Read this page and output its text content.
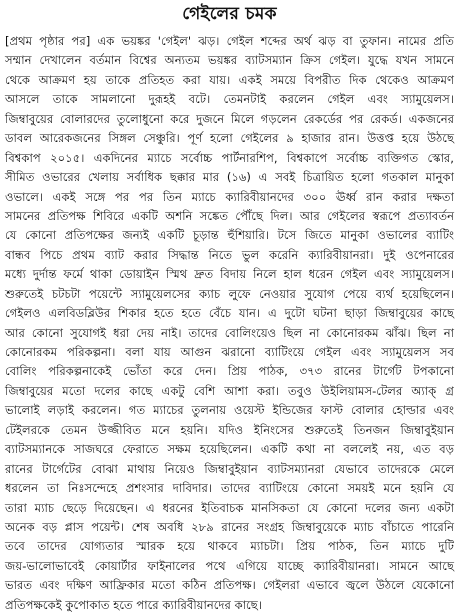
গেইলের চমক
[প্রথম পৃষ্ঠার পর] এক ভয়ঙ্কর 'গেইল' ঝড়। গেইল শব্দের অর্থ ঝড় বা তুফান। নামের প্রতি
সম্মান দেখালেন বর্তমান বিশ্বের অন্যতম ভয়ঙ্কর ব্যাটসম্যান ক্রিস গেইল। যুদ্ধে যখন সামনে
থেকে আক্রমণ হয় তাকে প্রতিহত করা যায়। একই সময়ে বিপরীত দিক থেকেও আক্রমণ
আসলে তাকে সামলানো দুরূহই বটে। তেমনটাই করলেন গেইল এবং স্যামুয়েলস।
জিম্বাবুয়ের বোলারদের তুলোধুনো করে দুজনে মিলে গড়লেন রেকর্ডের পর রেকর্ড। একজনের
ডাবল আরেকজনের সিঙ্গল সেঞ্চুরি। পূর্ণ হলো গেইলের ৯ হাজার রান। উত্তপ্ত হয়ে উঠছে
বিশ্বকাপ ২০১৫। একদিনের ম্যাচে সর্বোচ্চ পার্টনারশিপ, বিশ্বকাপে সর্বোচ্চ ব্যক্তিগত স্কোর,
সীমিত ওভারের খেলায় সর্বাধিক ছক্কার মার (১৬) এ সবই চিত্রায়িত হলো গতকাল মানুকা
ওভালে। একই সঙ্গে পর পর তিন ম্যাচে ক্যারিবীয়ানদের ৩০০ ঊর্ধ্ব রান করার দক্ষতা
সামনের প্রতিপক্ষ শিবিরে একটি অশনি সঙ্কেত পৌঁছে দিল। আর গেইলের স্বরূপে প্রত্যাবর্তন
যে কোনো প্রতিপক্ষের জন্যই একটি চূড়ান্ত হুঁশিয়ারি। টসে জিতে মানুকা ওভালের ব্যাটিং
বান্ধব পিচে প্রথম ব্যাট করার সিদ্ধান্ত নিতে ভুল করেনি ক্যারিবীয়ানরা। দুই ওপেনারের
মধ্যে দুর্দান্ত ফর্মে থাকা ডোয়াইন স্মিথ দ্রুত বিদায় নিলে হাল ধরেন গেইল এবং স্যামুয়েলস।
শুরুতেই চটচটা পয়েন্টে স্যামুয়েলসের ক্যাচ লুফে নেওয়ার সুযোগ পেয়ে ব্যর্থ হয়েছিলেন।
গেইলও এলবিডব্লিউর শিকার হতে হতে বেঁচে যান। এ দুটো ঘটনা ছাড়া জিম্বাবুয়ের কাছে
আর কোনো সুযোগই ধরা দেয় নাই। তাদের বোলিংয়েও ছিল না কোনোরকম ঝাঁঝ। ছিল না
কোনোরকম পরিকল্পনা। বলা যায় আগুন ঝরানো ব্যাটিংয়ে গেইল এবং স্যামুয়েলস সব
বোলিং পরিকল্পনাকেই ভোঁতা করে দেন। প্রিয় পাঠক, ৩৭৩ রানের টার্গেট টপকানো
জিম্বাবুয়ের মতো দলের কাছে একটু বেশি আশা করা। তবুও উইলিয়ামস-টেলর অ্যাক্ গ্ৰ
ভালোই লড়াই করলেন। গত ম্যাচের তুলনায় ওয়েস্ট ইন্ডিজের ফাস্ট বোলার হোল্ডার এবং
টেইলরকে তেমন উজ্জীবিত মনে হয়নি। যদিও ইনিংসের শুরুতেই তিনজন জিম্বাবুইয়ান
ব্যাটসম্যানকে সাজঘরে ফেরাতে সক্ষম হয়েছিলেন। একটি কথা না বললেই নয়, এত বড়
রানের টার্গেটের বোঝা মাথায় নিয়েও জিম্বাবুইয়ান ব্যাটসম্যানরা যেভাবে তাদেরকে মেলে
ধরলেন তা নিঃসন্দেহে প্রশংসার দাবিদার। তাদের ব্যাটিংয়ে কোনো সময়ই মনে হয়নি যে
তারা ম্যাচ ছেড়ে দিয়েছেন। এ ধরনের ইতিবাচক মানসিকতা যে কোনো দলের জন্য একটা
অনেক বড় প্লাস পয়েন্ট। শেষ অবধি ২৮৯ রানের সংগ্রহ জিম্বাবুয়েকে ম্যাচ বাঁচাতে পারেনি
তবে তাদের যোগ্যতার স্মারক হয়ে থাকবে ম্যাচটা। প্রিয় পাঠক, তিন ম্যাচে দুটি
জয়-ভালোভাবেই কোয়ার্টার ফাইনালের পথে এগিয়ে যাচ্ছে ক্যারিবীয়ানরা। সামনে আছে
ভারত এবং দক্ষিণ আফ্রিকার মতো কঠিন প্রতিপক্ষ। গেইলরা এভাবে জ্বলে উঠলে যেকোনো
প্রতিপক্ষকেই কুপোকাত হতে পারে ক্যারিবীয়ানদের কাছে।
